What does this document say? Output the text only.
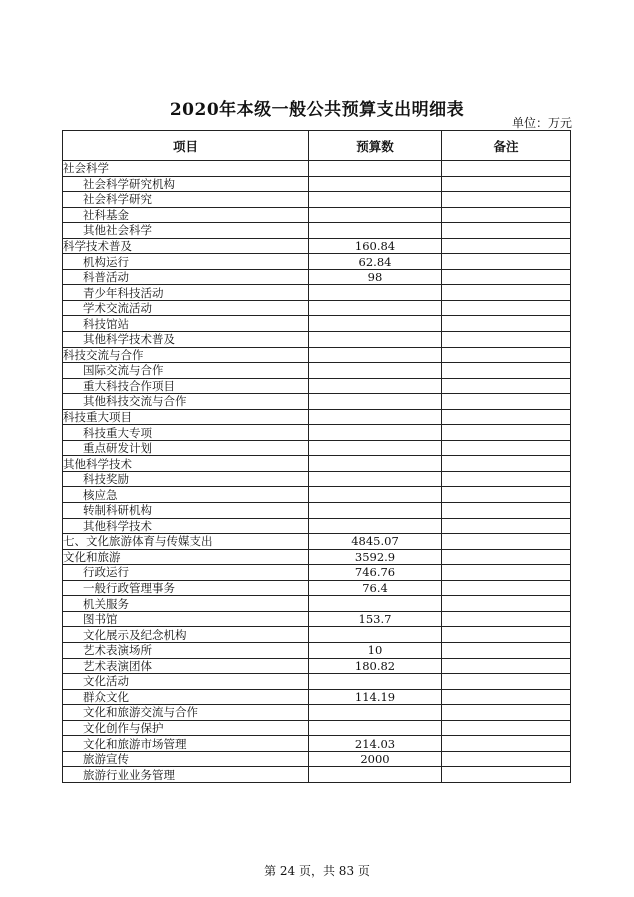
2020年本级一般公共预算支出明细表
单位：万元
项目	预算数	备注
社会科学		
社会科学研究机构		
社会科学研究		
社科基金		
其他社会科学		
科学技术普及	160.84	
机构运行	62.84	
科普活动	98	
青少年科技活动		
学术交流活动		
科技馆站		
其他科学技术普及		
科技交流与合作		
国际交流与合作		
重大科技合作项目		
其他科技交流与合作		
科技重大项目		
科技重大专项		
重点研发计划		
其他科学技术		
科技奖励		
核应急		
转制科研机构		
其他科学技术		
七、文化旅游体育与传媒支出	4845.07	
文化和旅游	3592.9	
行政运行	746.76	
一般行政管理事务	76.4	
机关服务		
图书馆	153.7	
文化展示及纪念机构		
艺术表演场所	10	
艺术表演团体	180.82	
文化活动		
群众文化	114.19	
文化和旅游交流与合作		
文化创作与保护		
文化和旅游市场管理	214.03	
旅游宣传	2000	
旅游行业业务管理		
第 24 页，共 83 页
